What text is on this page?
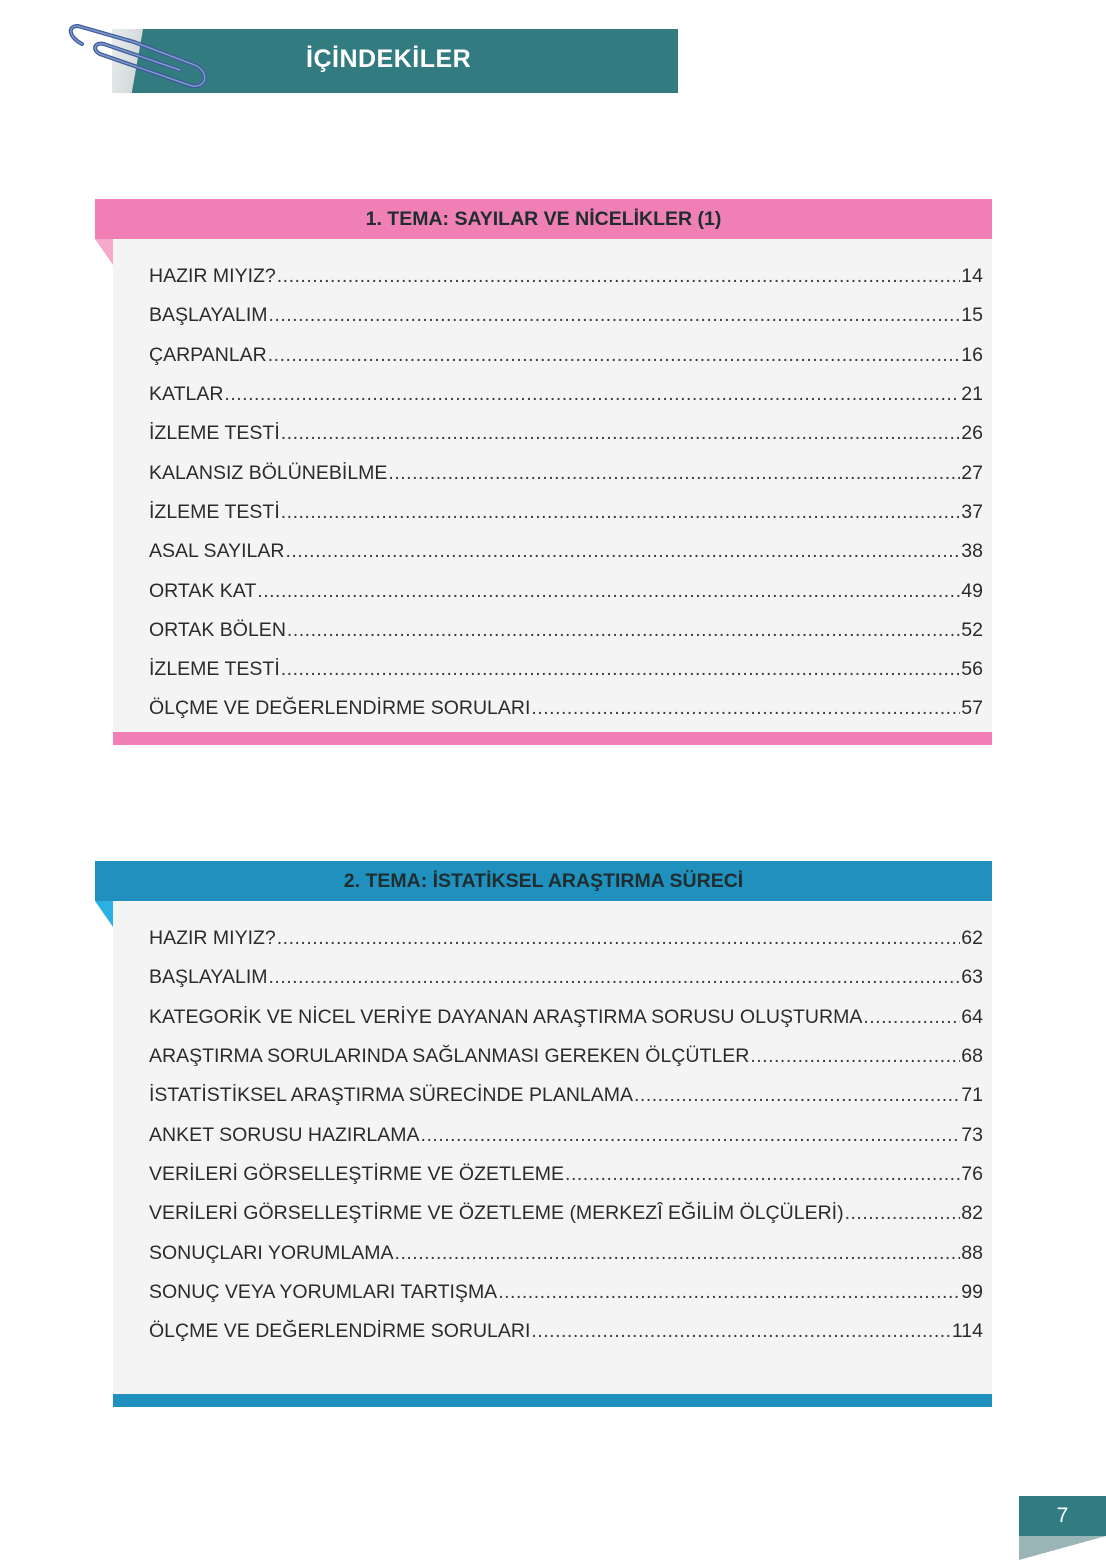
İÇİNDEKİLER
1. TEMA: SAYILAR VE NİCELİKLER (1)
HAZIR MIYIZ? .....	14
BAŞLAYALIM .....	15
ÇARPANLAR .....	16
KATLAR .....	21
İZLEME TESTİ .....	26
KALANSIZ BÖLÜNEBİLME .....	27
İZLEME TESTİ .....	37
ASAL SAYILAR .....	38
ORTAK KAT .....	49
ORTAK BÖLEN .....	52
İZLEME TESTİ .....	56
ÖLÇME VE DEĞERLENDİRME SORULARI .....	57
2. TEMA: İSTATİKSEL ARAŞTIRMA SÜRECİ
HAZIR MIYIZ? .....	62
BAŞLAYALIM .....	63
KATEGORİK VE NİCEL VERİYE DAYANAN ARAŞTIRMA SORUSU OLUŞTURMA .....	64
ARAŞTIRMA SORULARINDA SAĞLANMASI GEREKEN ÖLÇÜTLER .....	68
İSTATİSTİKSEL ARAŞTIRMA SÜRECİNDE PLANLAMA .....	71
ANKET SORUSU HAZIRLAMA .....	73
VERİLERİ GÖRSELLEŞTİRME VE ÖZETLEME .....	76
VERİLERİ GÖRSELLEŞTİRME VE ÖZETLEME (MERKEZÎ EĞİLİM ÖLÇÜLERİ) .....	82
SONUÇLARI YORUMLAMA .....	88
SONUÇ VEYA YORUMLARI TARTIŞMA .....	99
ÖLÇME VE DEĞERLENDİRME SORULARI .....	114
7
